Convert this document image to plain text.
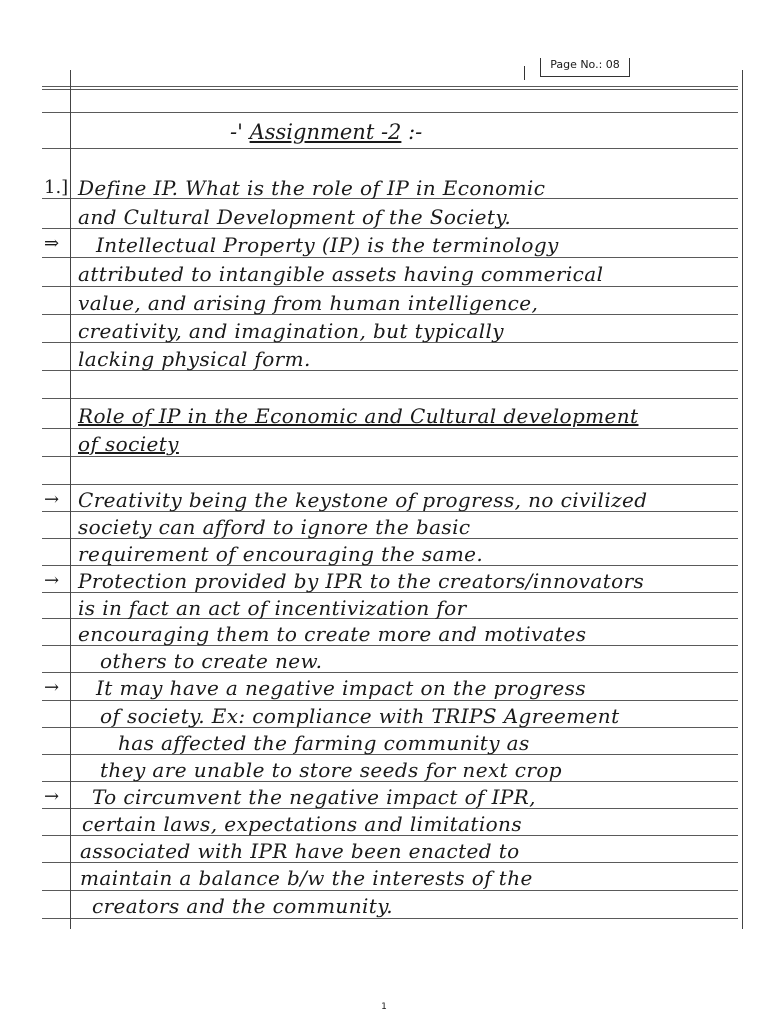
Page No.: 08
-' Assignment -2 :-
1.] Define IP. What is the role of IP in Economic
and Cultural Development of the Society.
⇒ Intellectual Property (IP) is the terminology
attributed to intangible assets having commerical
value, and arising from human intelligence,
creativity, and imagination, but typically
lacking physical form.
Role of IP in the Economic and Cultural development
of society
→ Creativity being the keystone of progress, no civilized
society can afford to ignore the basic
requirement of encouraging the same.
→ Protection provided by IPR to the creators/innovators
is in fact an act of incentivization for
encouraging them to create more and motivates
others to create new.
→ It may have a negative impact on the progress
of society. Ex: compliance with TRIPS Agreement
has affected the farming community as
they are unable to store seeds for next crop
→ To circumvent the negative impact of IPR,
certain laws, expectations and limitations
associated with IPR have been enacted to
maintain a balance b/w the interests of the
creators and the community.
1
